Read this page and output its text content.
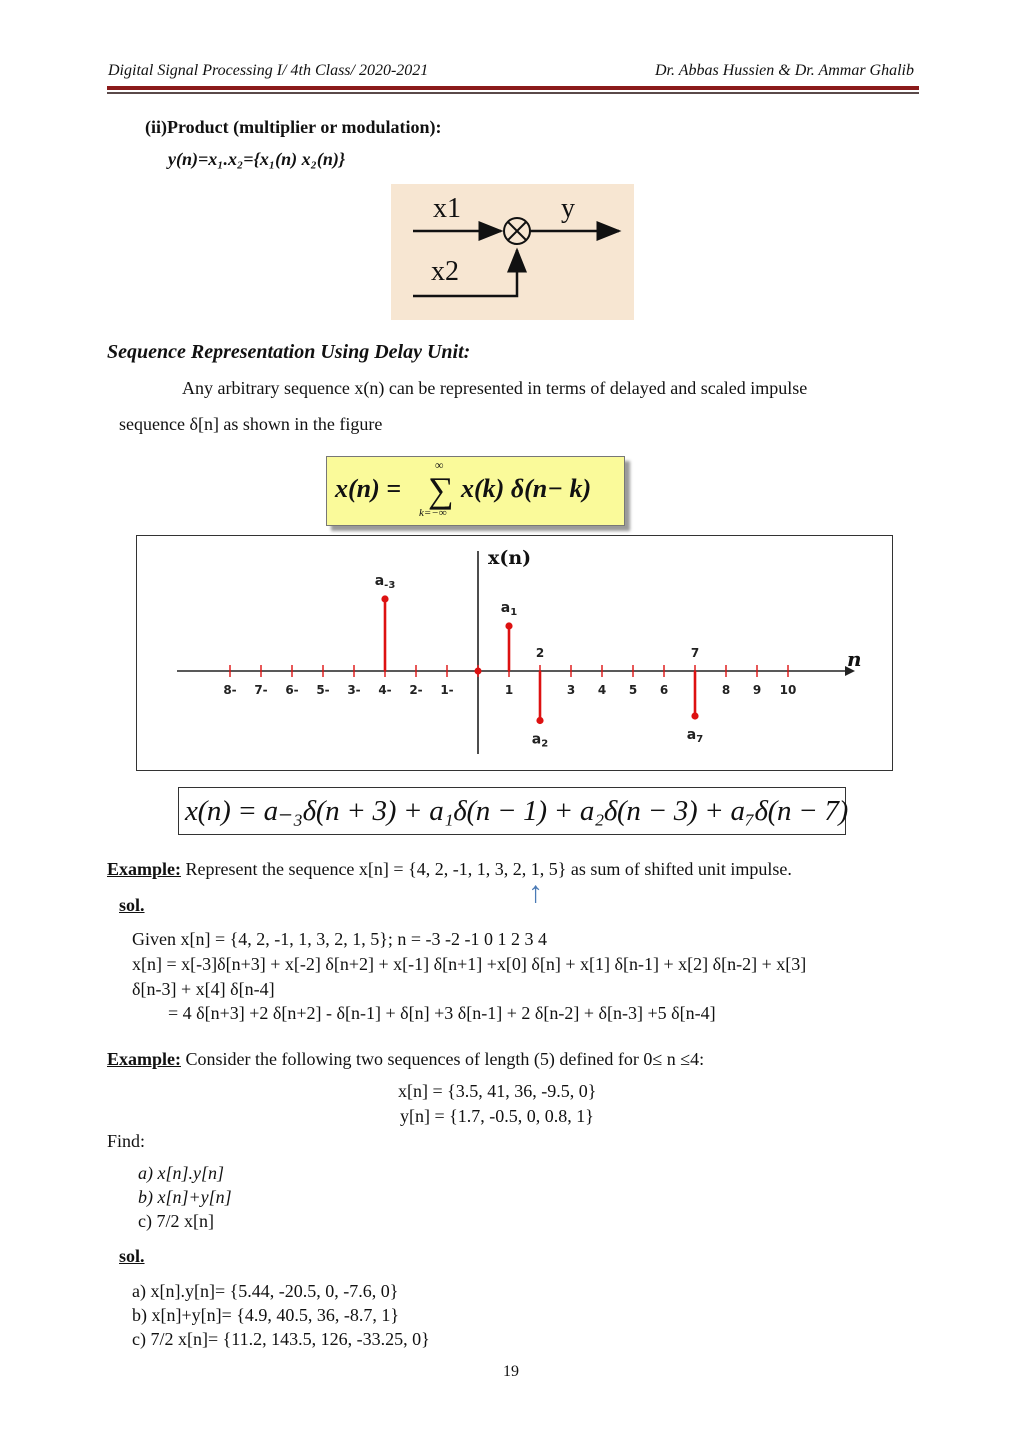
Digital Signal Processing I/ 4th Class/ 2020-2021	Dr. Abbas Hussien & Dr. Ammar Ghalib
(ii)Product (multiplier or modulation):
y(n)=x₁.x₂={x₁(n) x₂(n)}
x1
x2
y
Sequence Representation Using Delay Unit:
Any arbitrary sequence x(n) can be represented in terms of delayed and scaled impulse
sequence δ[n] as shown in the figure
x(n) = ∑
∞
k=−∞
x(k) δ(n− k)
x(n)
n
8- 7- 6- 5- 3- 4- 2- 1-	1	3 4 5 6	8 9 10
2	7
$a_{-3}$
$a_1$
$a_2$
$a_7$
x(n) = a₋₃δ(n + 3) + a₁δ(n − 1) + a₂δ(n − 3) + a₇δ(n − 7)
Example: Represent the sequence x[n] = {4, 2, -1, 1, 3, 2, 1, 5} as sum of shifted unit impulse.
↑
sol.
Given x[n] = {4, 2, -1, 1, 3, 2, 1, 5}; n = -3 -2 -1 0 1 2 3 4
x[n] = x[-3]δ[n+3] + x[-2] δ[n+2] + x[-1] δ[n+1] +x[0] δ[n] + x[1] δ[n-1] + x[2] δ[n-2] + x[3]
δ[n-3] + x[4] δ[n-4]
= 4 δ[n+3] +2 δ[n+2] - δ[n-1] + δ[n] +3 δ[n-1] + 2 δ[n-2] + δ[n-3] +5 δ[n-4]
Example: Consider the following two sequences of length (5) defined for 0≤ n ≤4:
x[n] = {3.5, 41, 36, -9.5, 0}
y[n] = {1.7, -0.5, 0, 0.8, 1}
Find:
a) x[n].y[n]
b) x[n]+y[n]
c) 7/2 x[n]
sol.
a) x[n].y[n]= {5.44, -20.5, 0, -7.6, 0}
b) x[n]+y[n]= {4.9, 40.5, 36, -8.7, 1}
c) 7/2 x[n]= {11.2, 143.5, 126, -33.25, 0}
19
